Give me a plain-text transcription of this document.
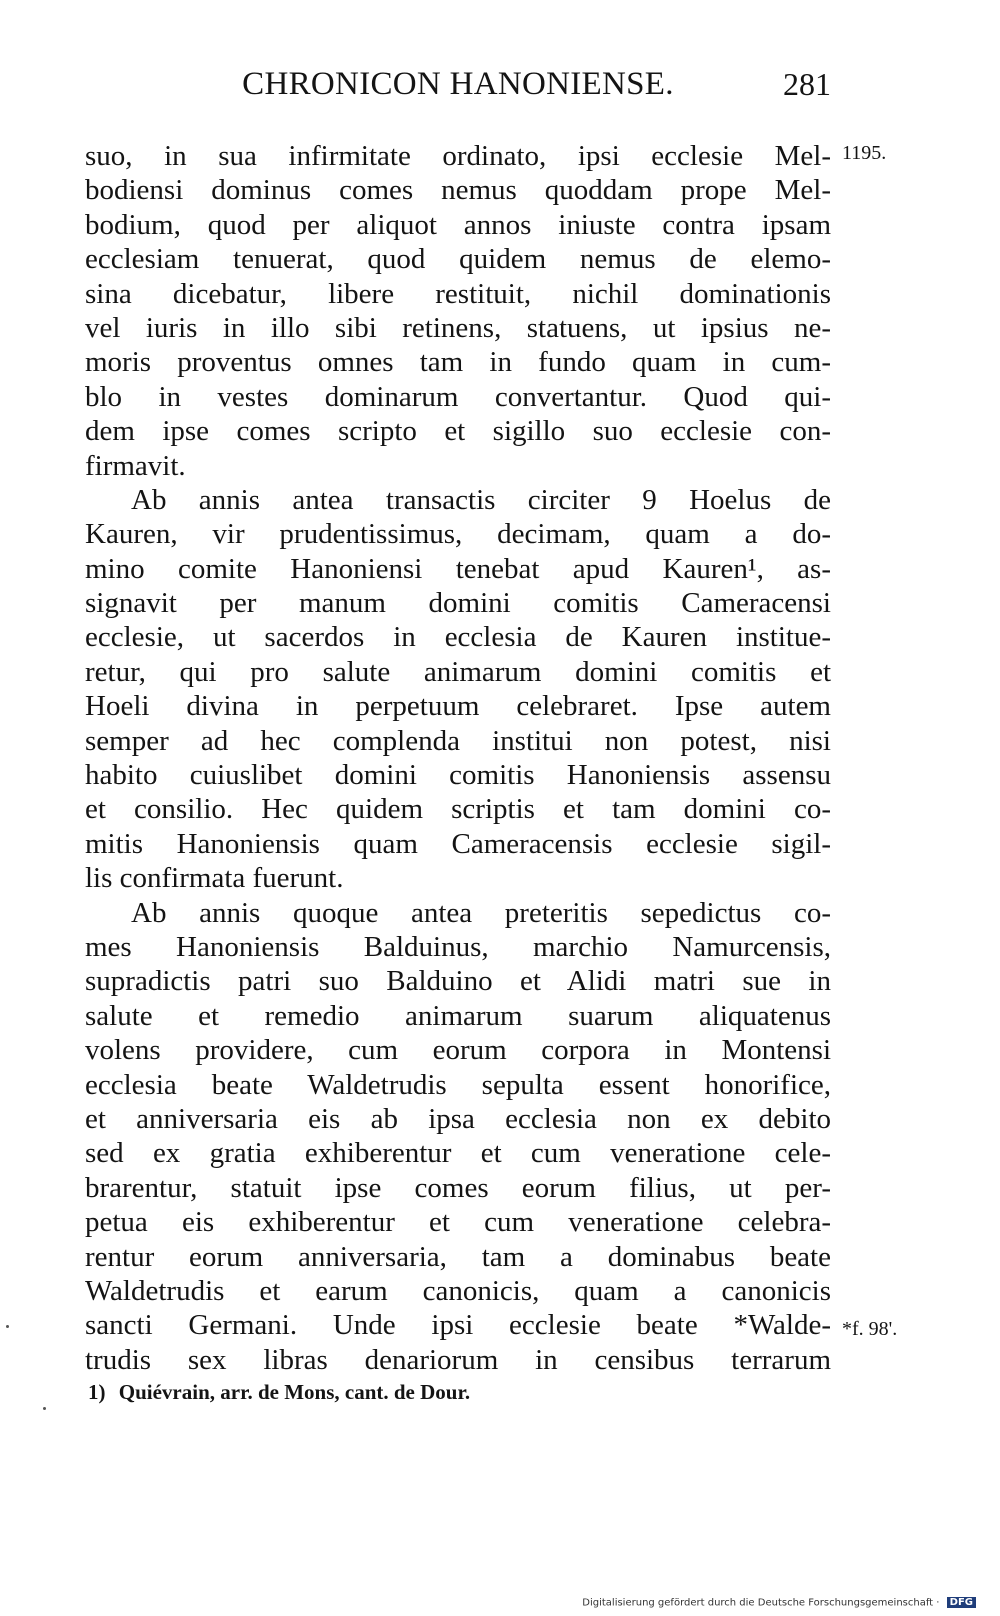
CHRONICON HANONIENSE.	281
suo, in sua infirmitate ordinato, ipsi ecclesie Mel-
bodiensi dominus comes nemus quoddam prope Mel-
bodium, quod per aliquot annos iniuste contra ipsam
ecclesiam tenuerat, quod quidem nemus de elemo-
sina dicebatur, libere restituit, nichil dominationis
vel iuris in illo sibi retinens, statuens, ut ipsius ne-
moris proventus omnes tam in fundo quam in cum-
blo in vestes dominarum convertantur. Quod qui-
dem ipse comes scripto et sigillo suo ecclesie con-
firmavit.
Ab annis antea transactis circiter 9 Hoelus de
Kauren, vir prudentissimus, decimam, quam a do-
mino comite Hanoniensi tenebat apud Kauren¹, as-
signavit per manum domini comitis Cameracensi
ecclesie, ut sacerdos in ecclesia de Kauren institue-
retur, qui pro salute animarum domini comitis et
Hoeli divina in perpetuum celebraret. Ipse autem
semper ad hec complenda institui non potest, nisi
habito cuiuslibet domini comitis Hanoniensis assensu
et consilio. Hec quidem scriptis et tam domini co-
mitis Hanoniensis quam Cameracensis ecclesie sigil-
lis confirmata fuerunt.
Ab annis quoque antea preteritis sepedictus co-
mes Hanoniensis Balduinus, marchio Namurcensis,
supradictis patri suo Balduino et Alidi matri sue in
salute et remedio animarum suarum aliquatenus
volens providere, cum eorum corpora in Montensi
ecclesia beate Waldetrudis sepulta essent honorifice,
et anniversaria eis ab ipsa ecclesia non ex debito
sed ex gratia exhiberentur et cum veneratione cele-
brarentur, statuit ipse comes eorum filius, ut per-
petua eis exhiberentur et cum veneratione celebra-
rentur eorum anniversaria, tam a dominabus beate
Waldetrudis et earum canonicis, quam a canonicis
sancti Germani. Unde ipsi ecclesie beate *Walde-
trudis sex libras denariorum in censibus terrarum
1195.
*f. 98'.
1) Quiévrain, arr. de Mons, cant. de Dour.
Digitalisierung gefördert durch die Deutsche Forschungsgemeinschaft · DFG
